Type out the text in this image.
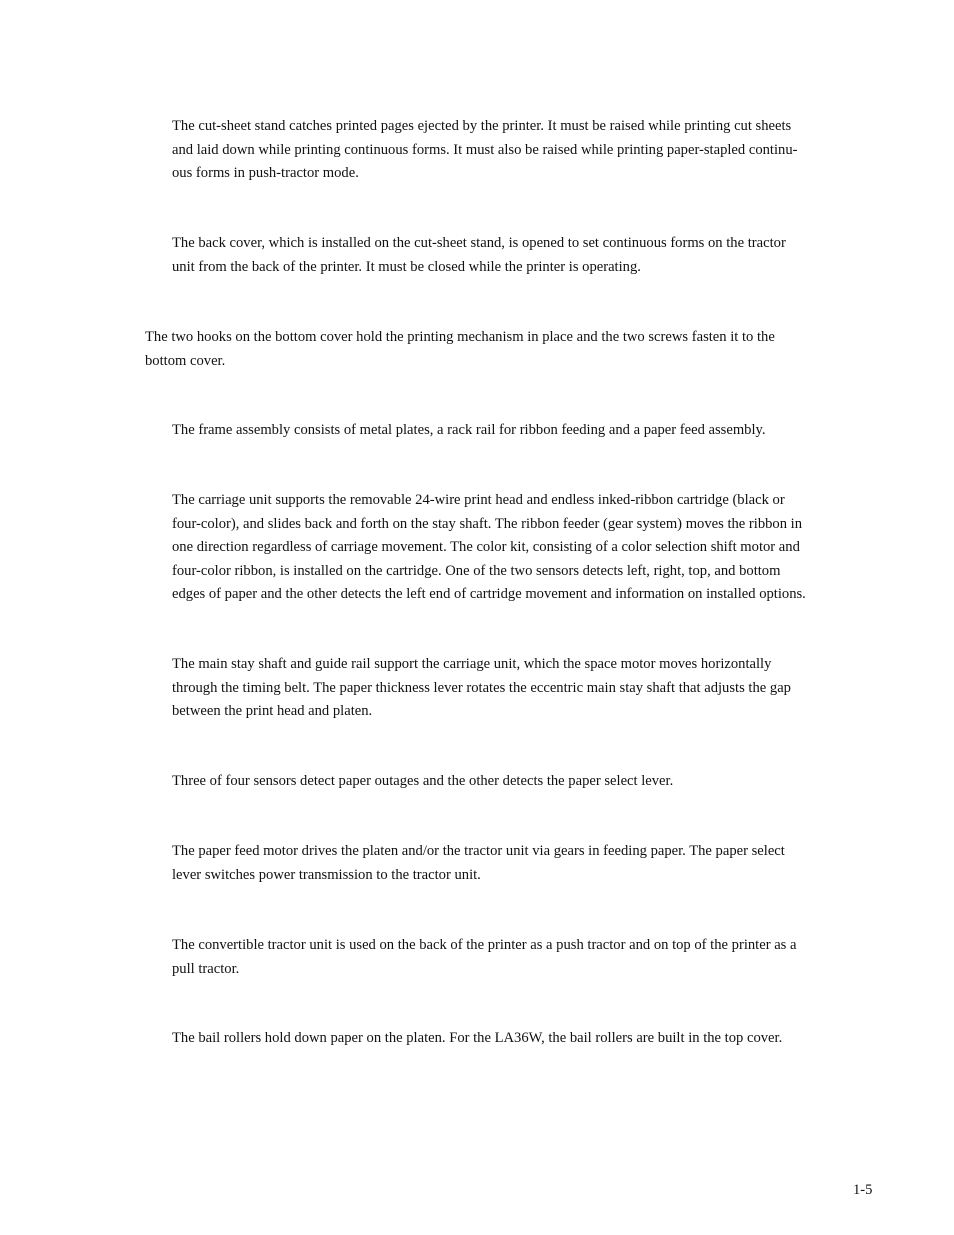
The cut-sheet stand catches printed pages ejected by the printer. It must be raised while printing cut sheets
and laid down while printing continuous forms. It must also be raised while printing paper-stapled continu-
ous forms in push-tractor mode.

The back cover, which is installed on the cut-sheet stand, is opened to set continuous forms on the tractor
unit from the back of the printer. It must be closed while the printer is operating.

The two hooks on the bottom cover hold the printing mechanism in place and the two screws fasten it to the
bottom cover.

The frame assembly consists of metal plates, a rack rail for ribbon feeding and a paper feed assembly.

The carriage unit supports the removable 24-wire print head and endless inked-ribbon cartridge (black or
four-color), and slides back and forth on the stay shaft. The ribbon feeder (gear system) moves the ribbon in
one direction regardless of carriage movement. The color kit, consisting of a color selection shift motor and
four-color ribbon, is installed on the cartridge. One of the two sensors detects left, right, top, and bottom
edges of paper and the other detects the left end of cartridge movement and information on installed options.

The main stay shaft and guide rail support the carriage unit, which the space motor moves horizontally
through the timing belt. The paper thickness lever rotates the eccentric main stay shaft that adjusts the gap
between the print head and platen.

Three of four sensors detect paper outages and the other detects the paper select lever.

The paper feed motor drives the platen and/or the tractor unit via gears in feeding paper. The paper select
lever switches power transmission to the tractor unit.

The convertible tractor unit is used on the back of the printer as a push tractor and on top of the printer as a
pull tractor.

The bail rollers hold down paper on the platen. For the LA36W, the bail rollers are built in the top cover.

1-5
